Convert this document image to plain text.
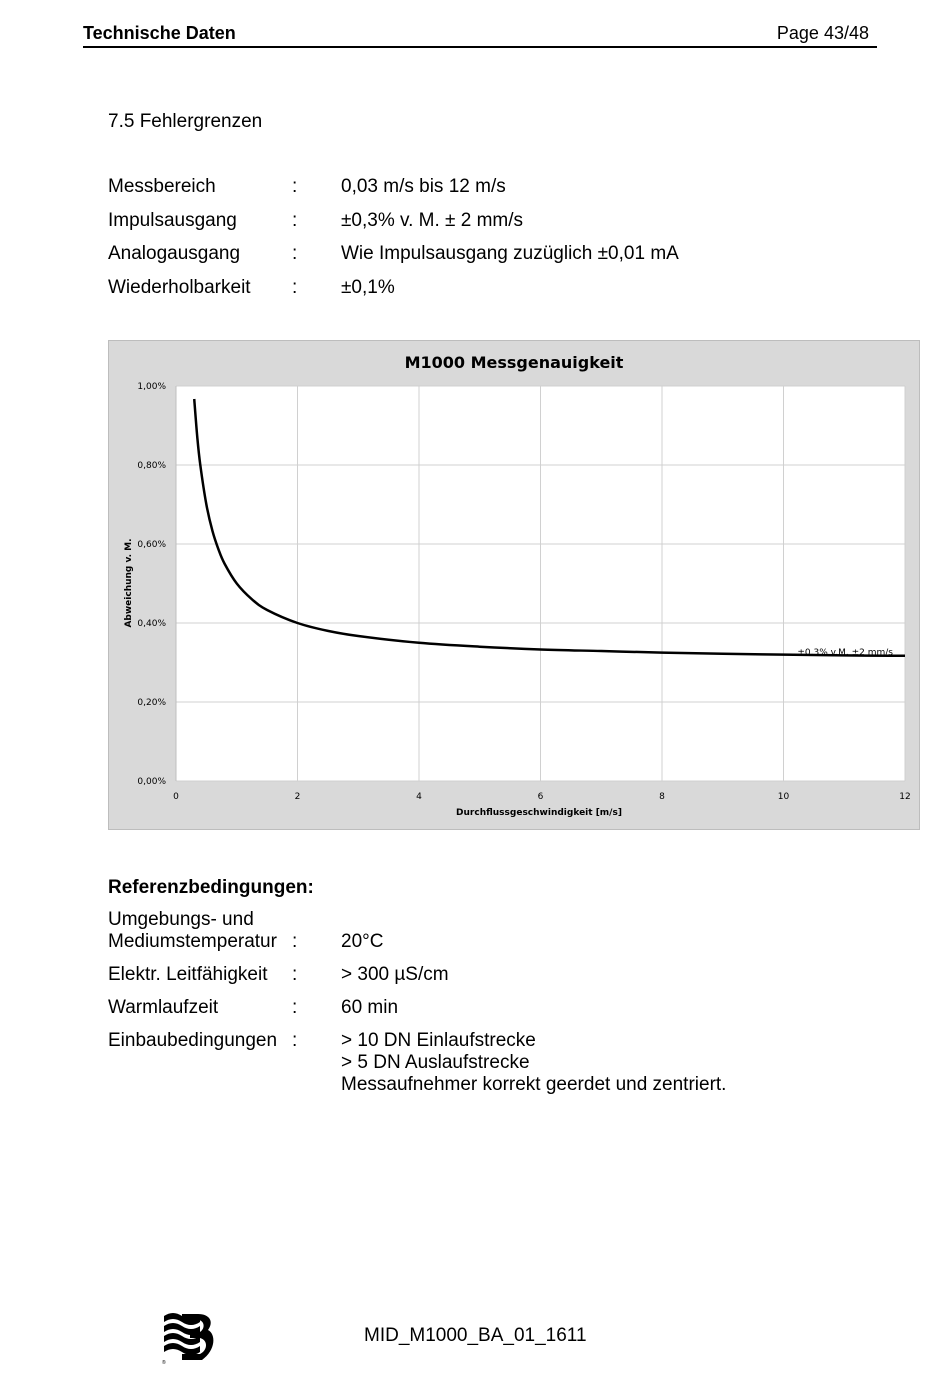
Technische Daten	Page 43/48
7.5 Fehlergrenzen
Messbereich	: 0,03 m/s bis 12 m/s
Impulsausgang	: ±0,3% v. M. ± 2 mm/s
Analogausgang	: Wie Impulsausgang zuzüglich ±0,01 mA
Wiederholbarkeit : ±0,1%
0	2	4	6	8	10	12
0,00%
0,20%
0,40%
0,60%
0,80%
1,00%
M1000 Messgenauigkeit
Durchflussgeschwindigkeit [m/s]
Abweichung v. M.
±0,3% v.M. ±2 mm/s
Referenzbedingungen:
Umgebungs- und
Mediumstemperatur : 20°C
Elektr. Leitfähigkeit : > 300 µS/cm
Warmlaufzeit	: 60 min
Einbaubedingungen : > 10 DN Einlaufstrecke
> 5 DN Auslaufstrecke
Messaufnehmer korrekt geerdet und zentriert.
®
MID_M1000_BA_01_1611
